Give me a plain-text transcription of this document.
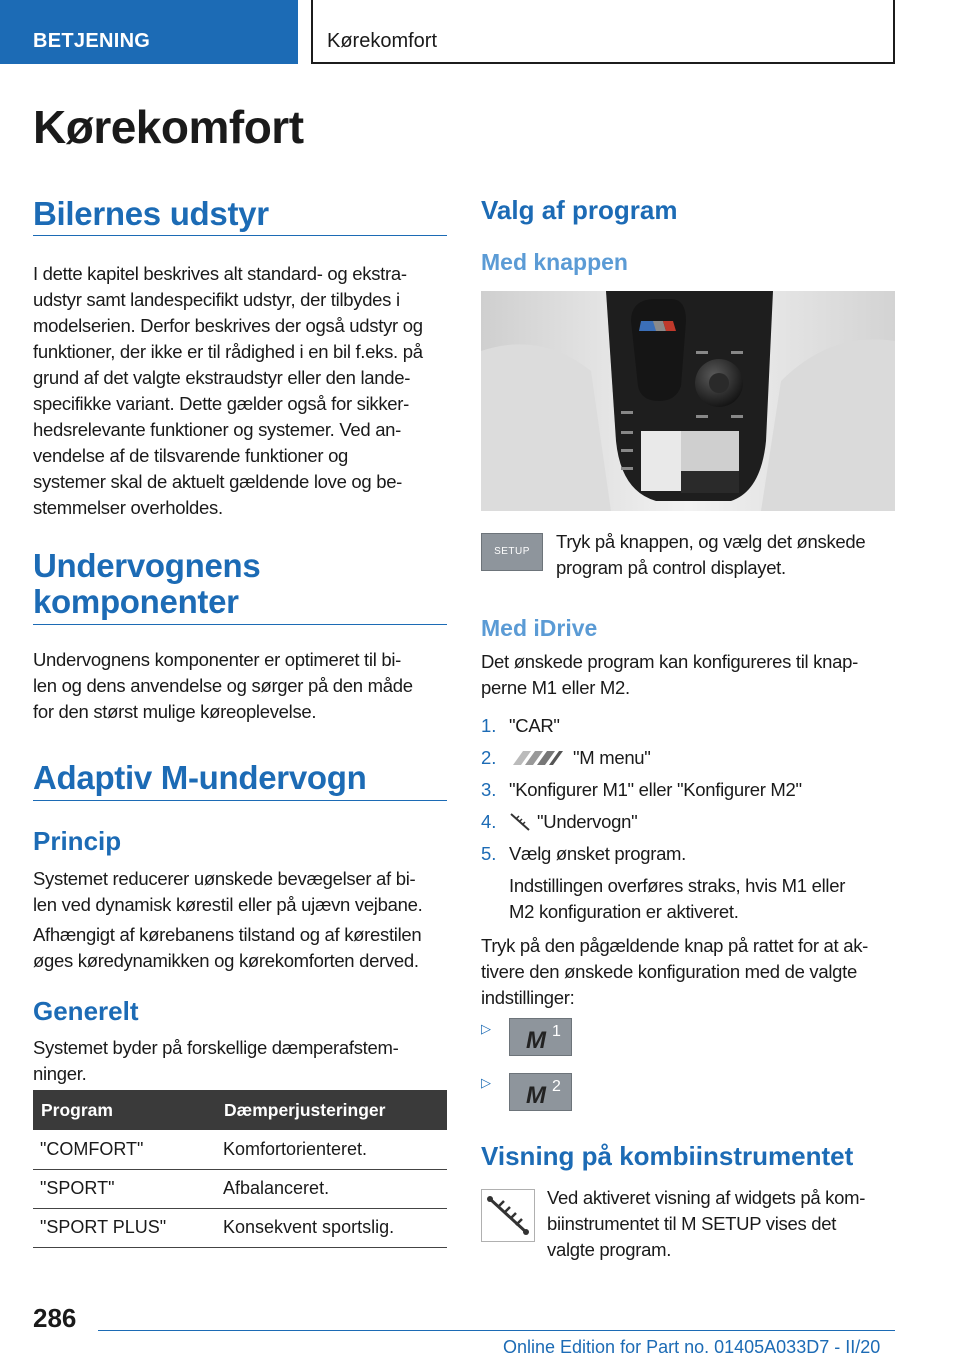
BETJENING	Kørekomfort
Kørekomfort
Bilernes udstyr
I dette kapitel beskrives alt standard- og ekstra-
udstyr samt landespecifikt udstyr, der tilbydes i
modelserien. Derfor beskrives der også udstyr og
funktioner, der ikke er til rådighed i en bil f.eks. på
grund af det valgte ekstraudstyr eller den lande-
specifikke variant. Dette gælder også for sikker-
hedsrelevante funktioner og systemer. Ved an-
vendelse af de tilsvarende funktioner og
systemer skal de aktuelt gældende love og be-
stemmelser overholdes.
Undervognens
komponenter
Undervognens komponenter er optimeret til bi-
len og dens anvendelse og sørger på den måde
for den størst mulige køreoplevelse.
Adaptiv M-undervogn
Princip
Systemet reducerer uønskede bevægelser af bi-
len ved dynamisk kørestil eller på ujævn vejbane.
Afhængigt af kørebanens tilstand og af kørestilen
øges køredynamikken og kørekomforten derved.
Generelt
Systemet byder på forskellige dæmperafstem-
ninger.
Program	Dæmperjusteringer
"COMFORT"	Komfortorienteret.
"SPORT"	Afbalanceret.
"SPORT PLUS"	Konsekvent sportslig.
Valg af program
Med knappen
SETUP	Tryk på knappen, og vælg det ønskede
program på control displayet.
Med iDrive
Det ønskede program kan konfigureres til knap-
perne M1 eller M2.
1. "CAR"
2.	"M menu"
3. "Konfigurer M1" eller "Konfigurer M2"
4. "Undervogn"
5. Vælg ønsket program.
Indstillingen overføres straks, hvis M1 eller
M2 konfiguration er aktiveret.
Tryk på den pågældende knap på rattet for at ak-
tivere den ønskede konfiguration med de valgte
indstillinger:
▷ M 1
▷ M 2
Visning på kombiinstrumentet
Ved aktiveret visning af widgets på kom-
biinstrumentet til M SETUP vises det
valgte program.
286
Online Edition for Part no. 01405A033D7 - II/20
